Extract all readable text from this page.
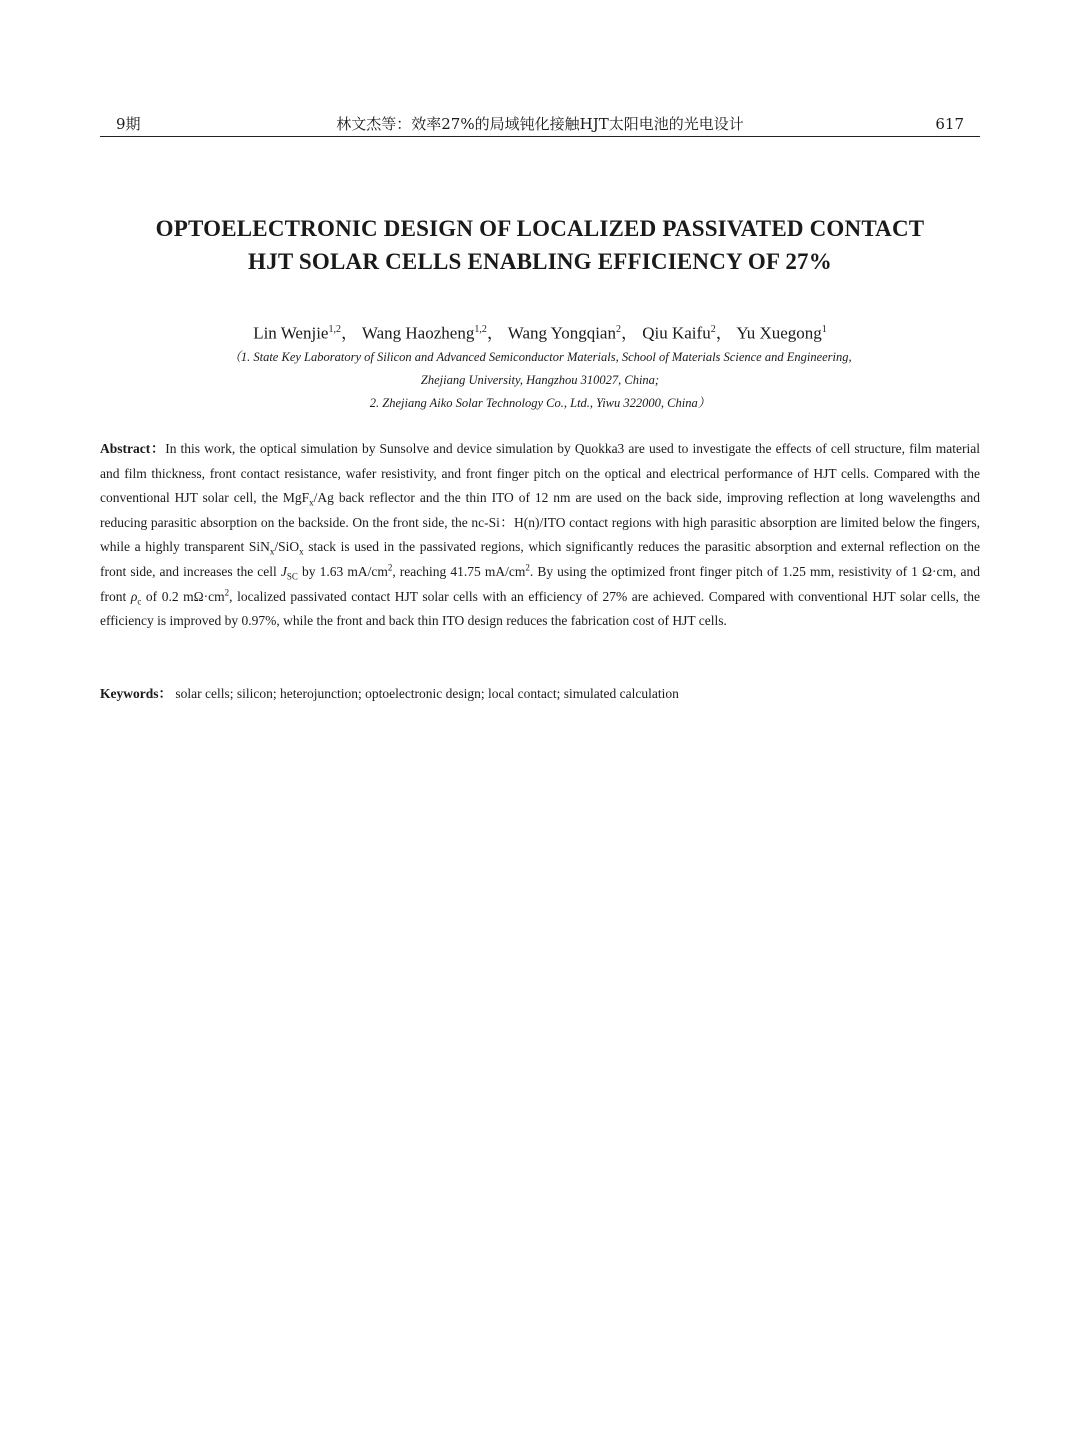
9期	林文杰等：效率27%的局域钝化接触HJT太阳电池的光电设计	617
OPTOELECTRONIC DESIGN OF LOCALIZED PASSIVATED CONTACT
HJT SOLAR CELLS ENABLING EFFICIENCY OF 27%
Lin Wenjie$^{1,2}$， Wang Haozheng$^{1,2}$， Wang Yongqian$^2$， Qiu Kaifu$^2$， Yu Xuegong$^1$
（1. State Key Laboratory of Silicon and Advanced Semiconductor Materials, School of Materials Science and Engineering,
Zhejiang University, Hangzhou 310027, China;
2. Zhejiang Aiko Solar Technology Co., Ltd., Yiwu 322000, China）
Abstract：In this work, the optical simulation by Sunsolve and device simulation by Quokka3 are used to investigate the effects of cell structure, film material and film thickness, front contact resistance, wafer resistivity, and front finger pitch on the optical and electrical performance of HJT cells. Compared with the conventional HJT solar cell, the MgF$_x$/Ag back reflector and the thin ITO of 12 nm are used on the back side, improving reflection at long wavelengths and reducing parasitic absorption on the backside. On the front side, the nc-Si：H(n)/ITO contact regions with high parasitic absorption are limited below the fingers, while a highly transparent SiN$_x$/SiO$_x$ stack is used in the passivated regions, which significantly reduces the parasitic absorption and external reflection on the front side, and increases the cell $J_{SC}$ by 1.63 $mA/cm^2$, reaching 41.75 $mA/cm^2$. By using the optimized front finger pitch of 1.25 mm, resistivity of 1 Ω·cm, and front $\rho_c$ of 0.2 $m\Omega\cdot cm^2$, localized passivated contact HJT solar cells with an efficiency of 27% are achieved. Compared with conventional HJT solar cells, the efficiency is improved by 0.97%, while the front and back thin ITO design reduces the fabrication cost of HJT cells.
Keywords： solar cells; silicon; heterojunction; optoelectronic design; local contact; simulated calculation
